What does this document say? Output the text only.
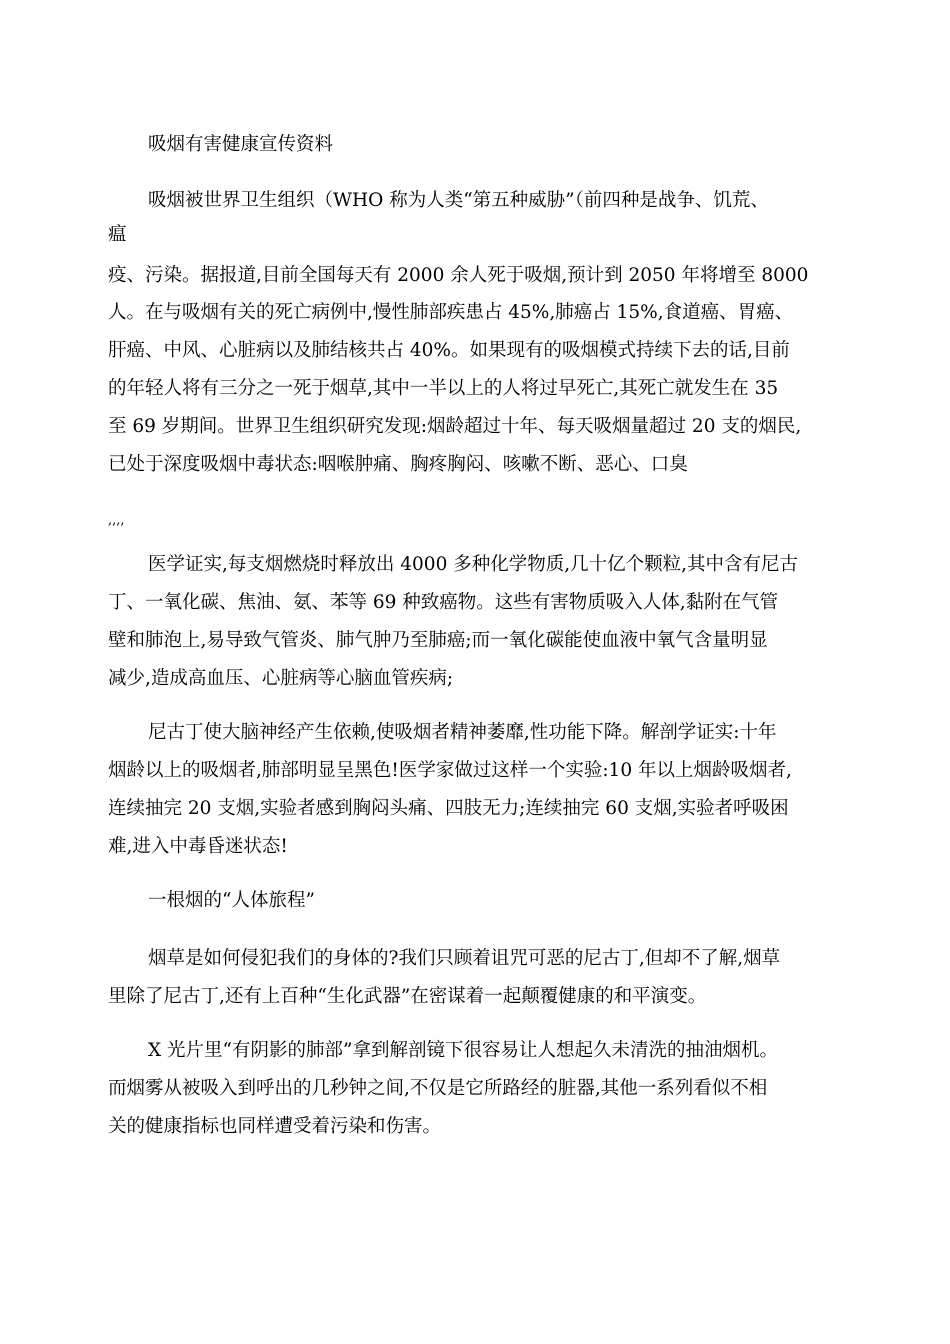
吸烟有害健康宣传资料

吸烟被世界卫生组织（WHO 称为人类“第五种威胁”（前四种是战争、饥荒、

瘟

疫、污染。据报道,目前全国每天有 2000 余人死于吸烟,预计到 2050 年将增至 8000

人。在与吸烟有关的死亡病例中,慢性肺部疾患占 45%,肺癌占 15%,食道癌、胃癌、

肝癌、中风、心脏病以及肺结核共占 40%。如果现有的吸烟模式持续下去的话,目前

的年轻人将有三分之一死于烟草,其中一半以上的人将过早死亡,其死亡就发生在 35

至 69 岁期间。世界卫生组织研究发现:烟龄超过十年、每天吸烟量超过 20 支的烟民,

已处于深度吸烟中毒状态:咽喉肿痛、胸疼胸闷、咳嗽不断、恶心、口臭

,,,,

医学证实,每支烟燃烧时释放出 4000 多种化学物质,几十亿个颗粒,其中含有尼古

丁、一氧化碳、焦油、氨、苯等 69 种致癌物。这些有害物质吸入人体,黏附在气管

壁和肺泡上,易导致气管炎、肺气肿乃至肺癌;而一氧化碳能使血液中氧气含量明显

减少,造成高血压、心脏病等心脑血管疾病;

尼古丁使大脑神经产生依赖,使吸烟者精神萎靡,性功能下降。解剖学证实:十年

烟龄以上的吸烟者,肺部明显呈黑色!医学家做过这样一个实验:10 年以上烟龄吸烟者,

连续抽完 20 支烟,实验者感到胸闷头痛、四肢无力;连续抽完 60 支烟,实验者呼吸困

难,进入中毒昏迷状态!

一根烟的“人体旅程”

烟草是如何侵犯我们的身体的?我们只顾着诅咒可恶的尼古丁,但却不了解,烟草

里除了尼古丁,还有上百种“生化武器”在密谋着一起颠覆健康的和平演变。

X 光片里“有阴影的肺部”拿到解剖镜下很容易让人想起久未清洗的抽油烟机。

而烟雾从被吸入到呼出的几秒钟之间,不仅是它所路经的脏器,其他一系列看似不相

关的健康指标也同样遭受着污染和伤害。
